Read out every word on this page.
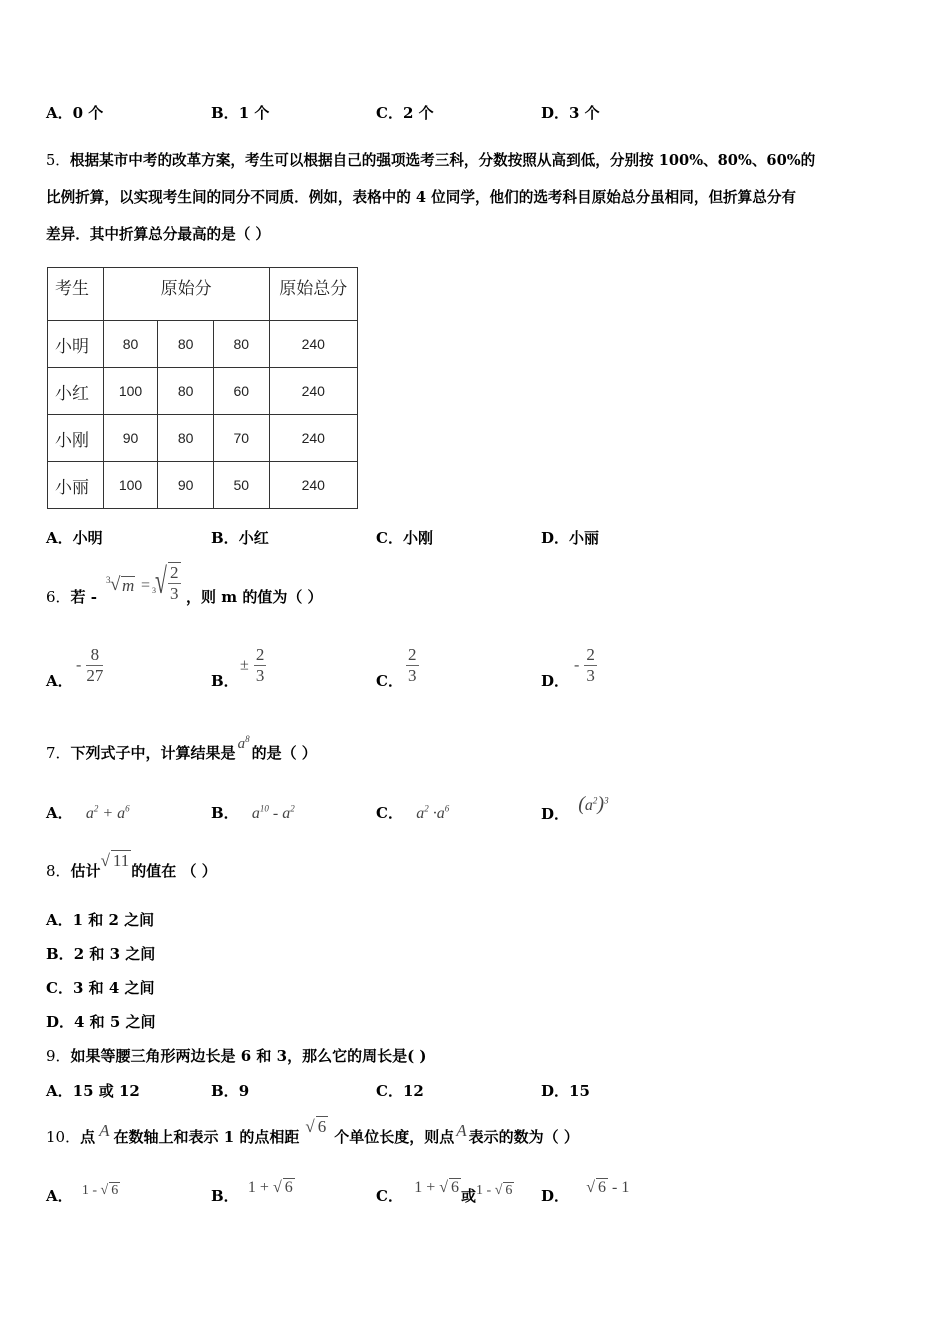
A．0 个	B．1 个	C．2 个	D．3 个
5．根据某市中考的改革方案，考生可以根据自己的强项选考三科，分数按照从高到低，分别按 100%、80%、60%的
比例折算，以实现考生间的同分不同质．例如，表格中的 4 位同学，他们的选考科目原始总分虽相同，但折算总分有
差异．其中折算总分最高的是（ ）
考生	原始分			原始总分
小明	80	80	80	240
小红	100	80	60	240
小刚	90	80	70	240
小丽	100	90	50	240
A．小明	B．小红	C．小刚	D．小丽
6．若 -
3 √ m = 3 √ $\frac{2}{3}$ ，则 m 的值为（ ）
A．
- $\frac{8}{27}$	B．
± $\frac{2}{3}$	C． $\frac{2}{3}$	D．
- $\frac{2}{3}$
7．下列式子中，计算结果是 $a^8$的是（ ）
A． $a^2 + a^6$	B． $a^{10} - a^2$	C． $a^2 \cdot a^6$	D． $(a^2)^3$
8．估计√ 11的值在 （ ）
A．1 和 2 之间
B．2 和 3 之间
C．3 和 4 之间
D．4 和 5 之间
9．如果等腰三角形两边长是 6 和 3，那么它的周长是( )
A．15 或 12	B．9	C．12	D．15
10．点 A 在数轴上和表示 1 的点相距√ 6个单位长度，则点 A 表示的数为（ ）
A． 1 - √ 6	B． 1 + √ 6	C． 1 + √ 6 或1 - √ 6 D． √ 6 - 1
